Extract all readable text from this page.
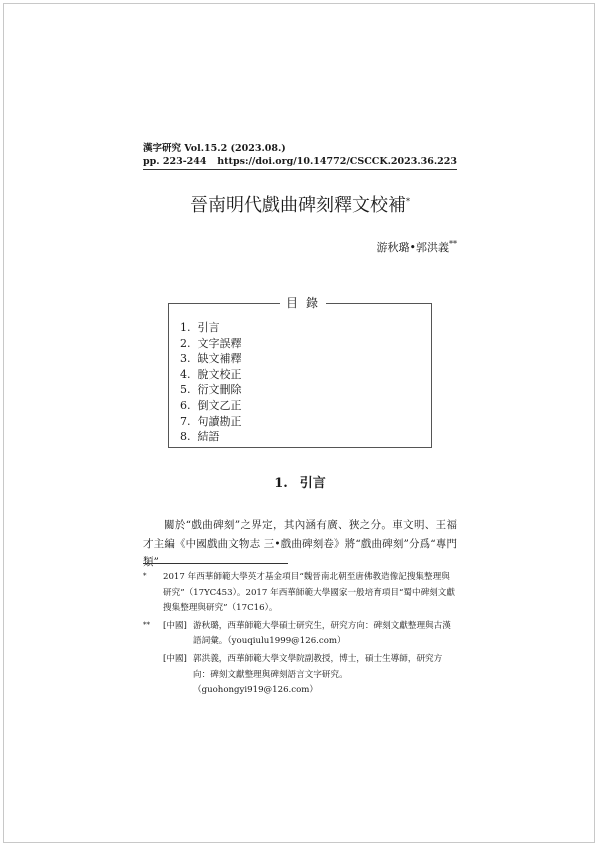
漢字研究 Vol.15.2 (2023.08.)
pp. 223-244 https://doi.org/10.14772/CSCCK.2023.36.223
晉南明代戲曲碑刻釋文校補*
游秋璐•郭洪義**
目錄
1. 引言
2. 文字誤釋
3. 缺文補釋
4. 脫文校正
5. 衍文刪除
6. 倒文乙正
7. 句讀勘正
8. 結語
1. 引言

關於“戲曲碑刻”之界定，其內涵有廣、狹之分。車文明、王福才主編《中國戲曲文物志 三•戲曲碑刻卷》將“戲曲碑刻”分爲“專門類”

* 2017 年西華師範大學英才基金項目“魏晉南北朝至唐佛教造像記搜集整理與研究”（17YC453）。2017 年西華師範大學國家一般培育項目“蜀中碑刻文獻搜集整理與研究”（17C16）。
** [中國] 游秋璐，西華師範大學碩士研究生，研究方向：碑刻文獻整理與古漢語詞彙。（youqiulu1999@126.com）
[中國] 郭洪義，西華師範大學文學院副教授，博士，碩士生導師，研究方向：碑刻文獻整理與碑刻語言文字研究。（guohongyi919@126.com）
